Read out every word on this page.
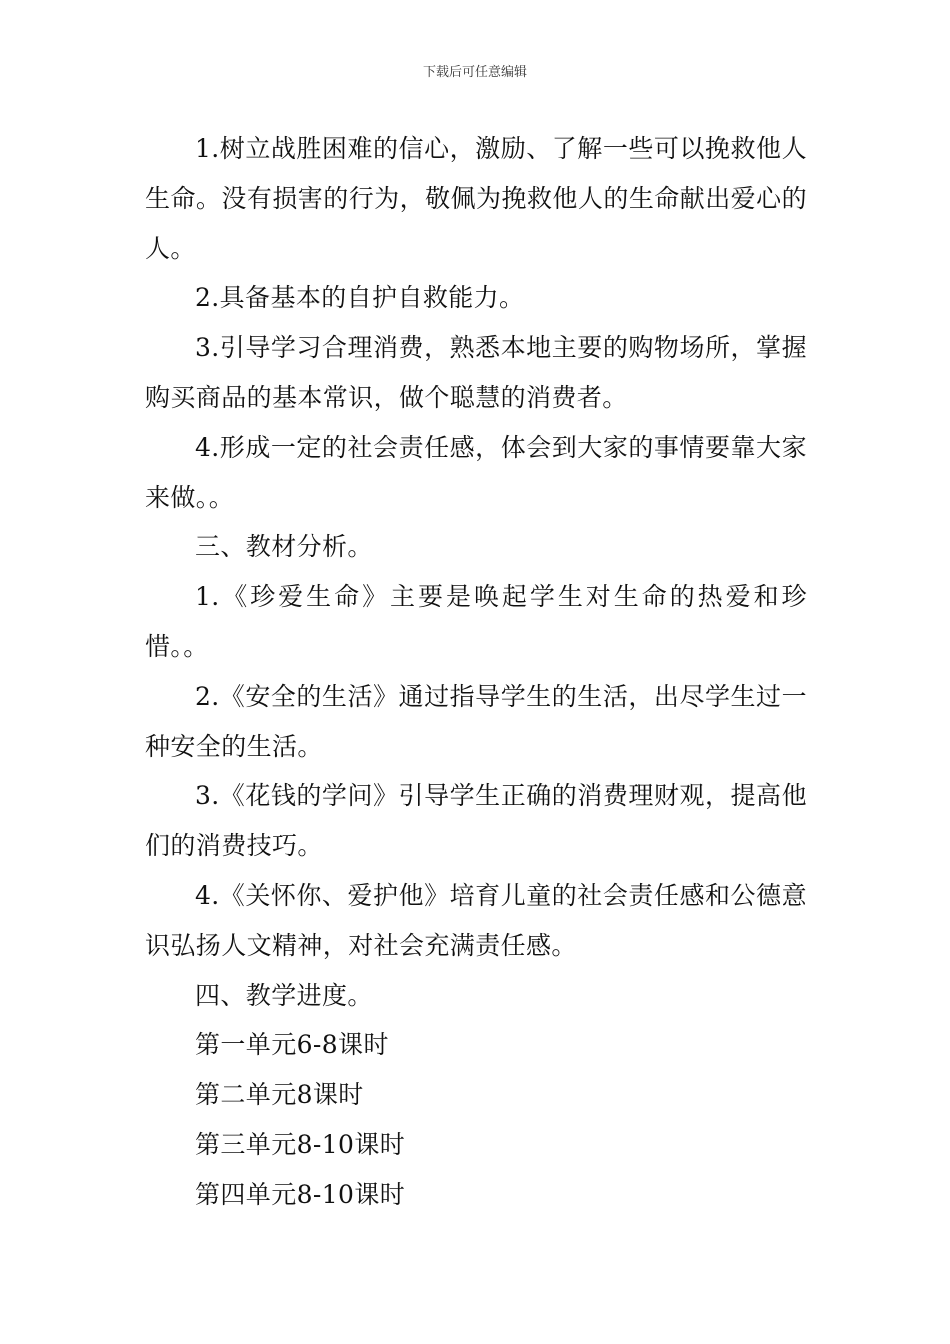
下载后可任意编辑

1.树立战胜困难的信心，激励、了解一些可以挽救他人生命。没有损害的行为，敬佩为挽救他人的生命献出爱心的人。

2.具备基本的自护自救能力。

3.引导学习合理消费，熟悉本地主要的购物场所，掌握购买商品的基本常识，做个聪慧的消费者。

4.形成一定的社会责任感，体会到大家的事情要靠大家来做。。

三、教材分析。

1.《珍爱生命》主要是唤起学生对生命的热爱和珍惜。。

2.《安全的生活》通过指导学生的生活，出尽学生过一种安全的生活。

3.《花钱的学问》引导学生正确的消费理财观，提高他们的消费技巧。

4.《关怀你、爱护他》培育儿童的社会责任感和公德意识弘扬人文精神，对社会充满责任感。

四、教学进度。

第一单元6-8课时

第二单元8课时

第三单元8-10课时

第四单元8-10课时
